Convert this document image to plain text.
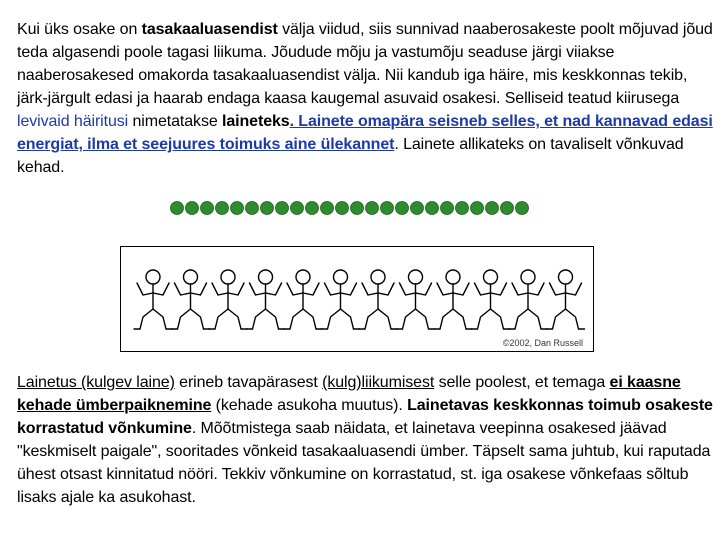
Kui üks osake on tasakaaluasendist välja viidud, siis sunnivad naaberosakeste poolt mõjuvad jõud teda algasendi poole tagasi liikuma. Jõudude mõju ja vastumõju seaduse järgi viiakse naaberosakesed omakorda tasakaaluasendist välja. Nii kandub iga häire, mis keskkonnas tekib, järk-järgult edasi ja haarab endaga kaasa kaugemal asuvaid osakesi. Selliseid teatud kiirusega levivaid häiritusi nimetatakse laineteks. Lainete omapära seisneb selles, et nad kannavad edasi energiat, ilma et seejuures toimuks aine ülekannet. Lainete allikateks on tavaliselt võnkuvad kehad.
©2002, Dan Russell
Lainetus (kulgev laine) erineb tavapärasest (kulg)liikumisest selle poolest, et temaga ei kaasne kehade ümberpaiknemine (kehade asukoha muutus). Lainetavas keskkonnas toimub osakeste korrastatud võnkumine. Mõõtmistega saab näidata, et lainetava veepinna osakesed jäävad "keskmiselt paigale", sooritades võnkeid tasakaaluasendi ümber. Täpselt sama juhtub, kui raputada ühest otsast kinnitatud nööri. Tekkiv võnkumine on korrastatud, st. iga osakese võnkefaas sõltub lisaks ajale ka asukohast.
